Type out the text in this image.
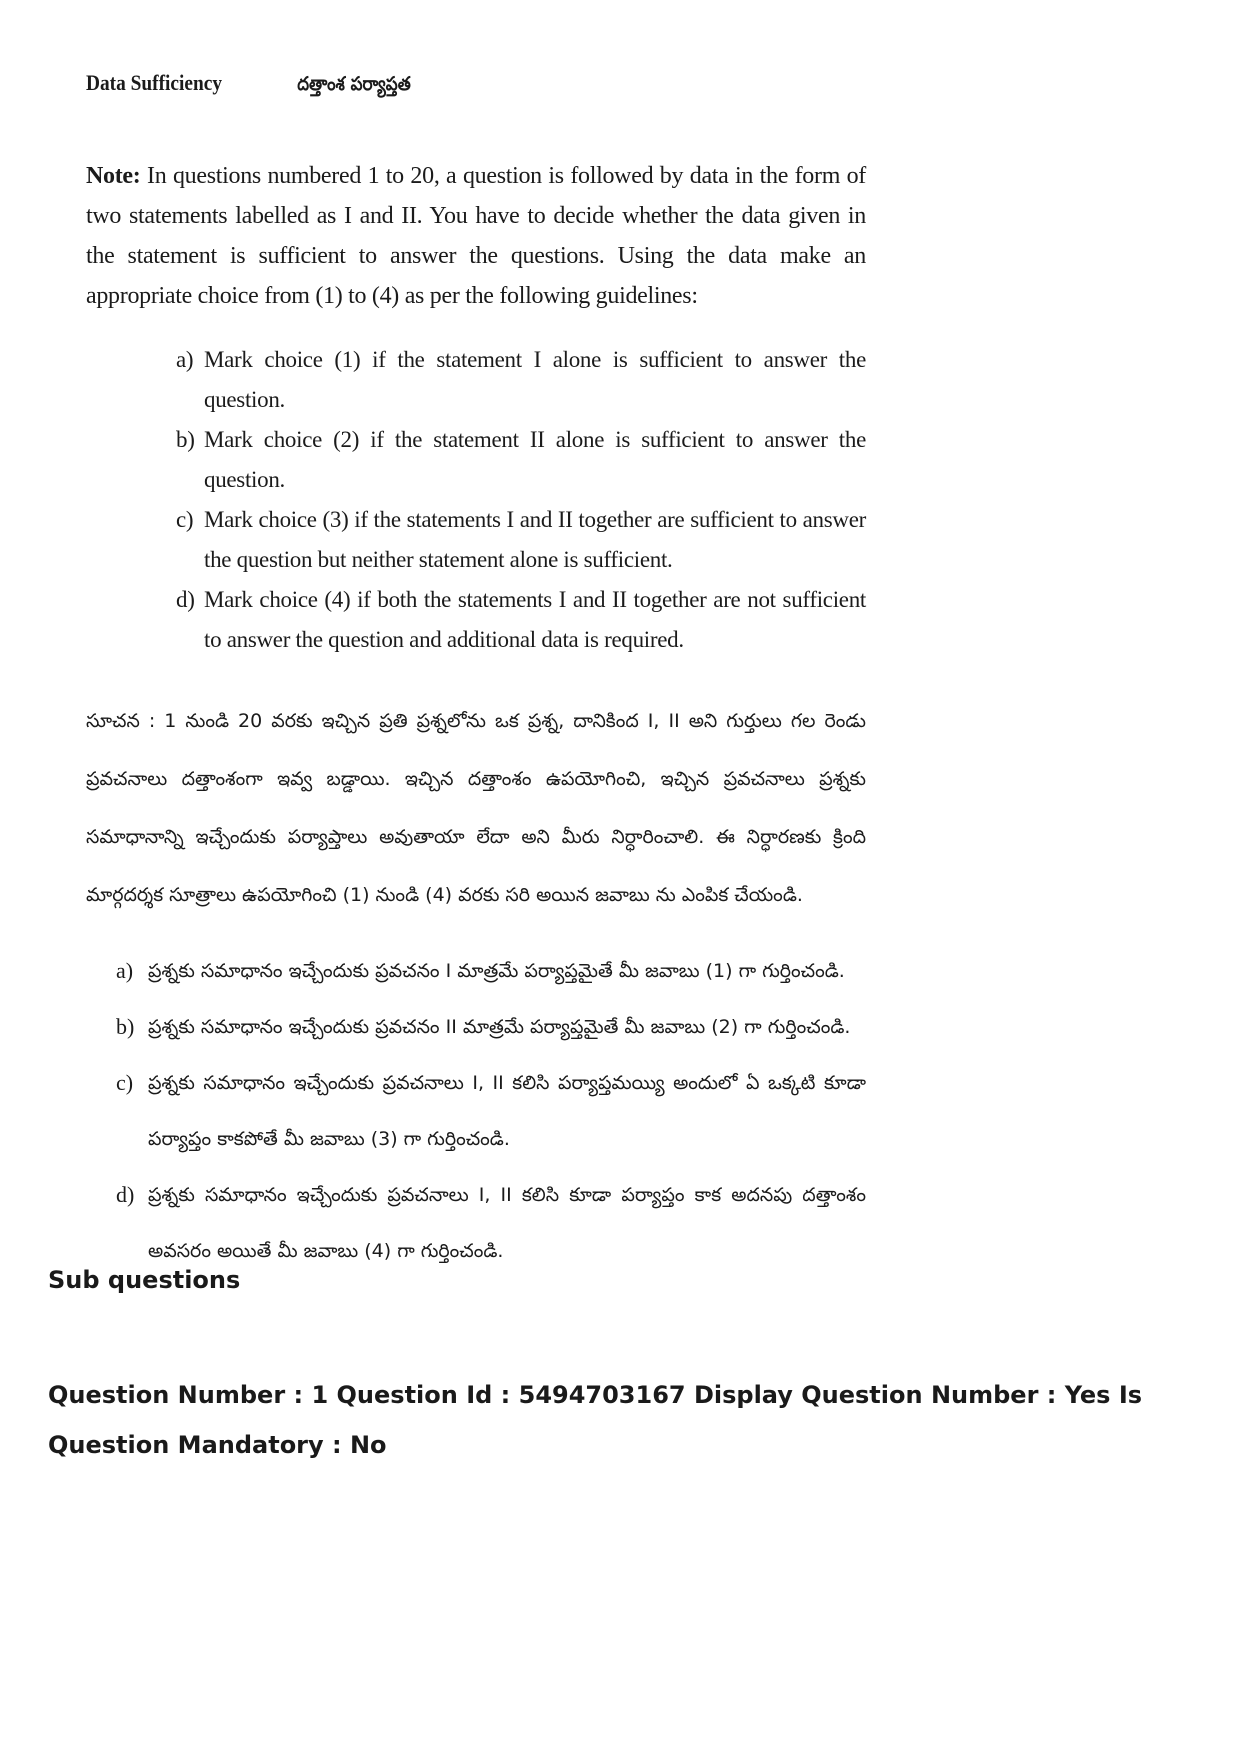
Data Sufficiency	దత్తాంశ పర్యాప్తత

Note: In questions numbered 1 to 20, a question is followed by data in the form of two statements labelled as I and II. You have to decide whether the data given in the statement is sufficient to answer the questions. Using the data make an appropriate choice from (1) to (4) as per the following guidelines:

a) Mark choice (1) if the statement I alone is sufficient to answer the question.
b) Mark choice (2) if the statement II alone is sufficient to answer the question.
c) Mark choice (3) if the statements I and II together are sufficient to answer the question but neither statement alone is sufficient.
d) Mark choice (4) if both the statements I and II together are not sufficient to answer the question and additional data is required.

సూచన : 1 నుండి 20 వరకు ఇచ్చిన ప్రతి ప్రశ్నలోను ఒక ప్రశ్న, దానికింద I, II అని గుర్తులు గల రెండు ప్రవచనాలు దత్తాంశంగా ఇవ్వ బడ్డాయి. ఇచ్చిన దత్తాంశం ఉపయోగించి, ఇచ్చిన ప్రవచనాలు ప్రశ్నకు సమాధానాన్ని ఇచ్చేందుకు పర్యాప్తాలు అవుతాయా లేదా అని మీరు నిర్ధారించాలి. ఈ నిర్ధారణకు క్రింది మార్గదర్శక సూత్రాలు ఉపయోగించి (1) నుండి (4) వరకు సరి అయిన జవాబు ను ఎంపిక చేయండి.

a) ప్రశ్నకు సమాధానం ఇచ్చేందుకు ప్రవచనం I మాత్రమే పర్యాప్తమైతే మీ జవాబు (1) గా గుర్తించండి.
b) ప్రశ్నకు సమాధానం ఇచ్చేందుకు ప్రవచనం II మాత్రమే పర్యాప్తమైతే మీ జవాబు (2) గా గుర్తించండి.
c) ప్రశ్నకు సమాధానం ఇచ్చేందుకు ప్రవచనాలు I, II కలిసి పర్యాప్తమయ్యి అందులో ఏ ఒక్కటి కూడా పర్యాప్తం కాకపోతే మీ జవాబు (3) గా గుర్తించండి.
d) ప్రశ్నకు సమాధానం ఇచ్చేందుకు ప్రవచనాలు I, II కలిసి కూడా పర్యాప్తం కాక అదనపు దత్తాంశం అవసరం అయితే మీ జవాబు (4) గా గుర్తించండి.
Sub questions
Question Number : 1 Question Id : 5494703167 Display Question Number : Yes Is Question Mandatory : No
